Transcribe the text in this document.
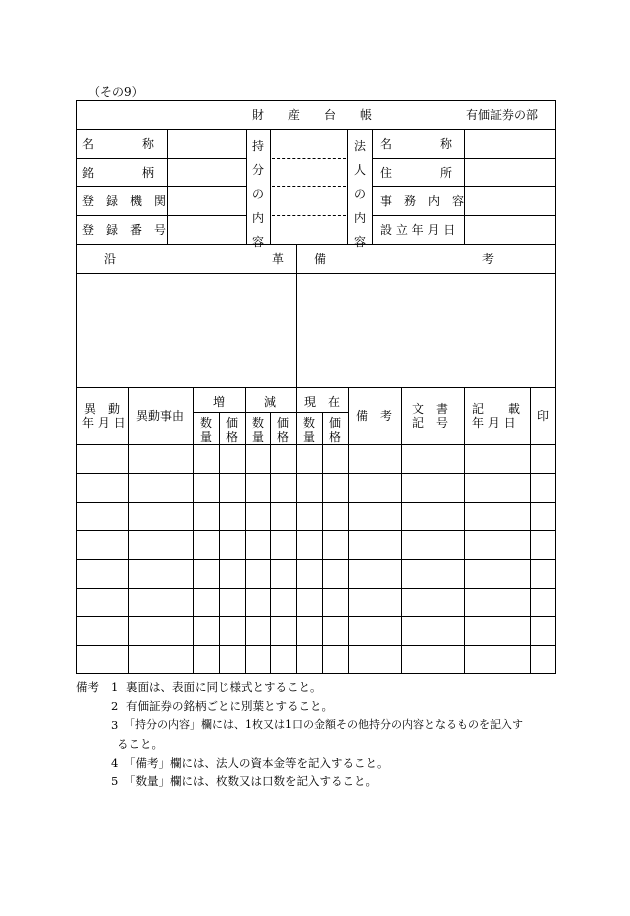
（その9）
財　　産　　台　　帳	有価証券の部
名　　　　称
銘　　　　柄
登　録　機　関
登　録　番　号
持分の内容
法人の内容
名　　　　称
住　　　　所
事　務　内　容
設 立 年 月 日
沿　　　　　　　　　　　　　革 備　　　　　　　　　　　　　考
異　動
年 月 日 異動事由
増	減 現　在
数量
価格
数量
価格
数量
価格
備　考 文　書
記　号
記　　載
年 月 日 印
備考 1 裏面は、表面に同じ様式とすること。
2 有価証券の銘柄ごとに別葉とすること。
3 「持分の内容」欄には、1枚又は1口の金額その他持分の内容となるものを記入す
ること。
4 「備考」欄には、法人の資本金等を記入すること。
5 「数量」欄には、枚数又は口数を記入すること。
